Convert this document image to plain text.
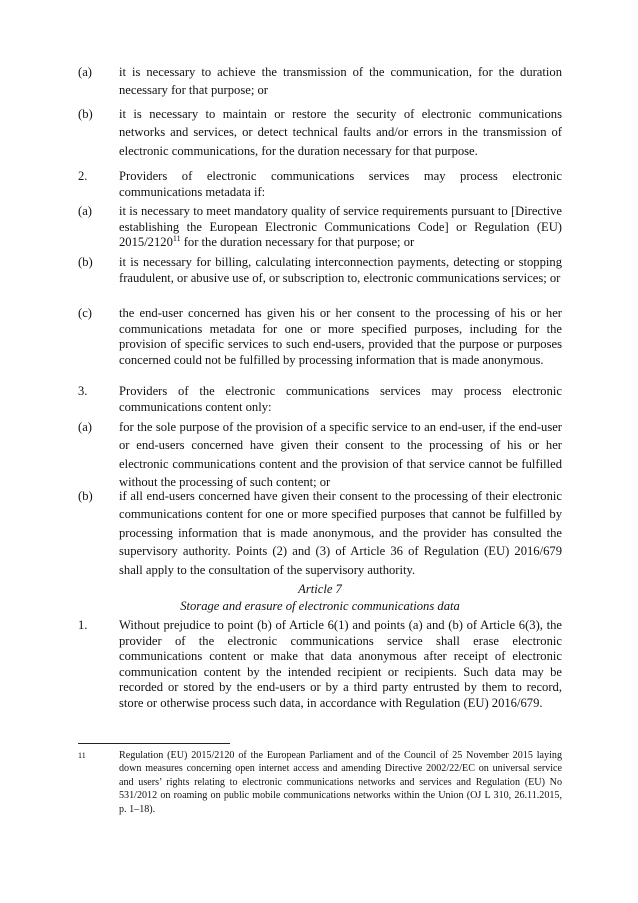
(a)	it is necessary to achieve the transmission of the communication, for the duration necessary for that purpose; or
(b)	it is necessary to maintain or restore the security of electronic communications networks and services, or detect technical faults and/or errors in the transmission of electronic communications, for the duration necessary for that purpose.
2.	Providers of electronic communications services may process electronic communications metadata if:
(a)	it is necessary to meet mandatory quality of service requirements pursuant to [Directive establishing the European Electronic Communications Code] or Regulation (EU) 2015/2120$^{11}$ for the duration necessary for that purpose; or
(b)	it is necessary for billing, calculating interconnection payments, detecting or stopping fraudulent, or abusive use of, or subscription to, electronic communications services; or
(c)	the end-user concerned has given his or her consent to the processing of his or her communications metadata for one or more specified purposes, including for the provision of specific services to such end-users, provided that the purpose or purposes concerned could not be fulfilled by processing information that is made anonymous.
3.	Providers of the electronic communications services may process electronic communications content only:
(a)	for the sole purpose of the provision of a specific service to an end-user, if the end-user or end-users concerned have given their consent to the processing of his or her electronic communications content and the provision of that service cannot be fulfilled without the processing of such content; or
(b)	if all end-users concerned have given their consent to the processing of their electronic communications content for one or more specified purposes that cannot be fulfilled by processing information that is made anonymous, and the provider has consulted the supervisory authority. Points (2) and (3) of Article 36 of Regulation (EU) 2016/679 shall apply to the consultation of the supervisory authority.
Article 7
Storage and erasure of electronic communications data
1.	Without prejudice to point (b) of Article 6(1) and points (a) and (b) of Article 6(3), the provider of the electronic communications service shall erase electronic communications content or make that data anonymous after receipt of electronic communication content by the intended recipient or recipients. Such data may be recorded or stored by the end-users or by a third party entrusted by them to record, store or otherwise process such data, in accordance with Regulation (EU) 2016/679.
11	Regulation (EU) 2015/2120 of the European Parliament and of the Council of 25 November 2015 laying down measures concerning open internet access and amending Directive 2002/22/EC on universal service and users’ rights relating to electronic communications networks and services and Regulation (EU) No 531/2012 on roaming on public mobile communications networks within the Union (OJ L 310, 26.11.2015, p. 1–18).
